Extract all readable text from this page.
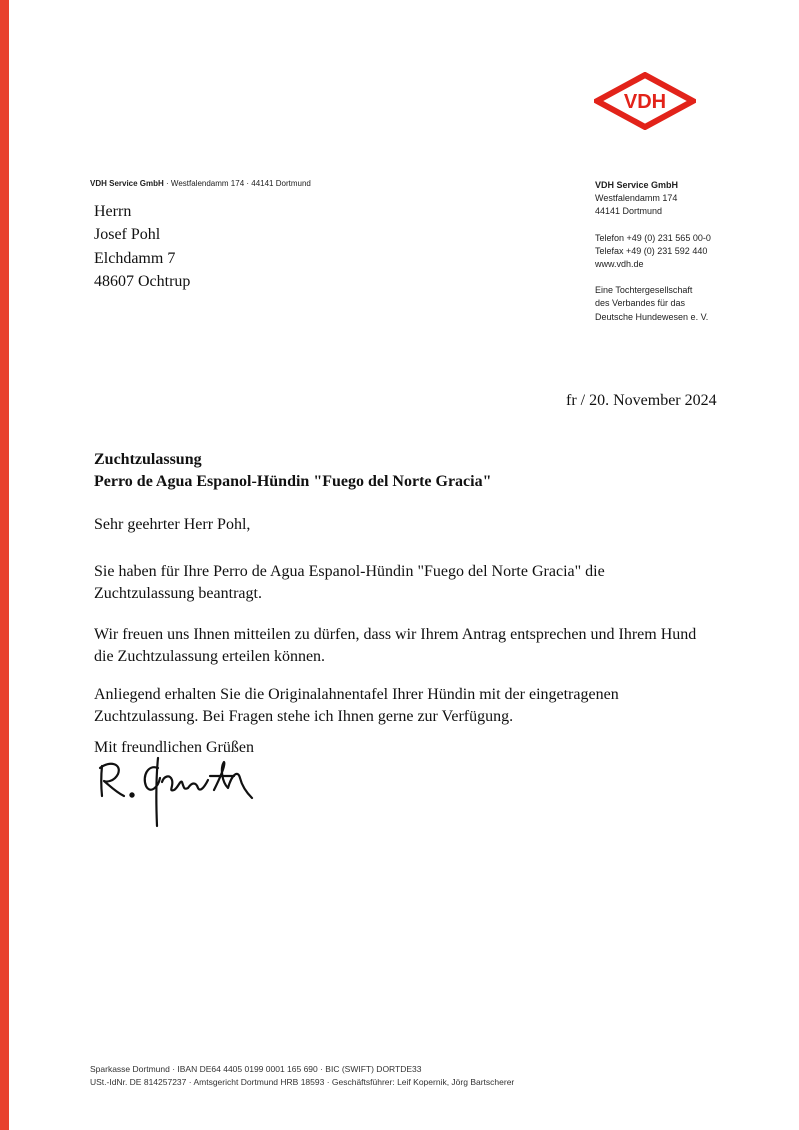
VDH
VDH Service GmbH · Westfalendamm 174 · 44141 Dortmund
Herrn
Josef Pohl
Elchdamm 7
48607 Ochtrup
VDH Service GmbH
Westfalendamm 174
44141 Dortmund
Telefon +49 (0) 231 565 00-0
Telefax +49 (0) 231 592 440
www.vdh.de
Eine Tochtergesellschaft
des Verbandes für das
Deutsche Hundewesen e. V.
fr / 20. November 2024
Zuchtzulassung
Perro de Agua Espanol-Hündin "Fuego del Norte Gracia"
Sehr geehrter Herr Pohl,
Sie haben für Ihre Perro de Agua Espanol-Hündin "Fuego del Norte Gracia" die
Zuchtzulassung beantragt.
Wir freuen uns Ihnen mitteilen zu dürfen, dass wir Ihrem Antrag entsprechen und Ihrem Hund
die Zuchtzulassung erteilen können.
Anliegend erhalten Sie die Originalahnentafel Ihrer Hündin mit der eingetragenen
Zuchtzulassung. Bei Fragen stehe ich Ihnen gerne zur Verfügung.
Mit freundlichen Grüßen
Sparkasse Dortmund · IBAN DE64 4405 0199 0001 165 690 · BIC (SWIFT) DORTDE33
USt.-IdNr. DE 814257237 · Amtsgericht Dortmund HRB 18593 · Geschäftsführer: Leif Kopernik, Jörg Bartscherer
